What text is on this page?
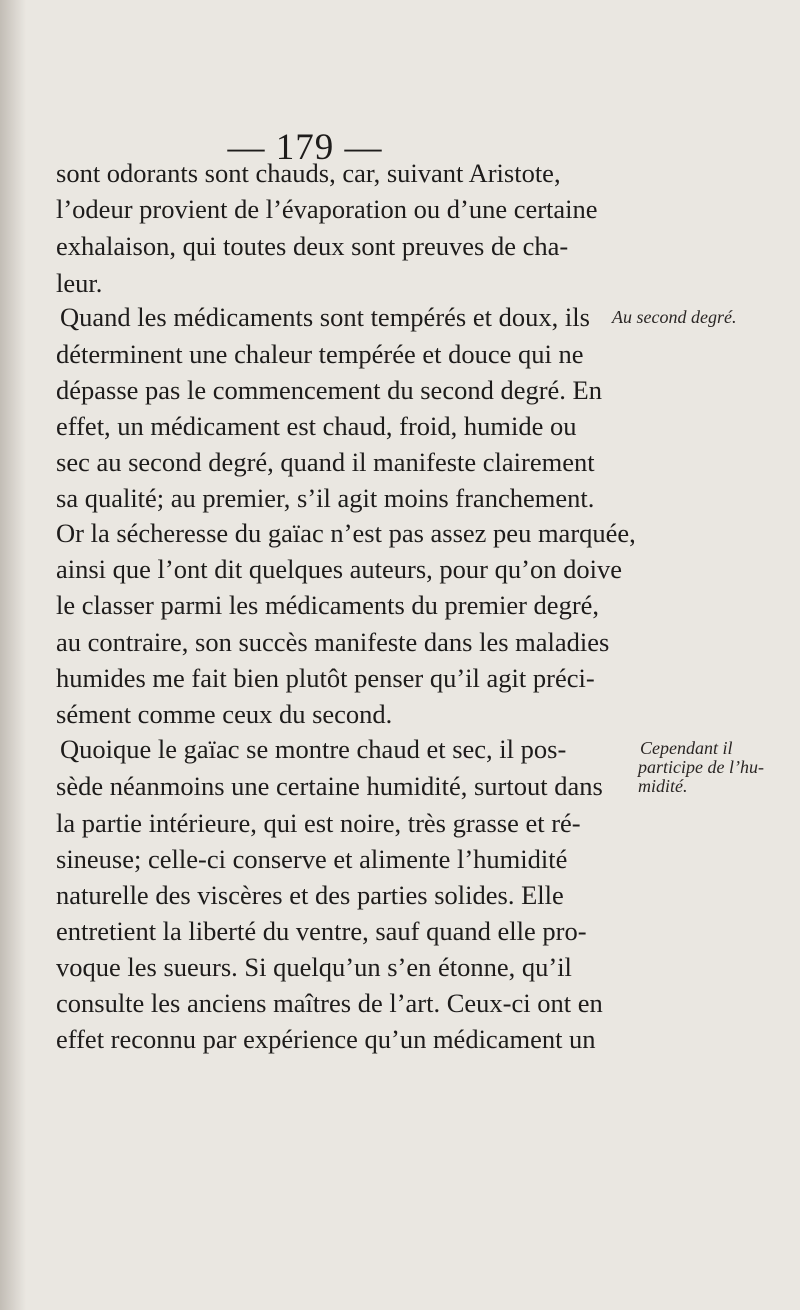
— 179 —
sont odorants sont chauds, car, suivant Aristote,
l’odeur provient de l’évaporation ou d’une certaine
exhalaison, qui toutes deux sont preuves de cha-
leur.
Quand les médicaments sont tempérés et doux, ils
déterminent une chaleur tempérée et douce qui ne
dépasse pas le commencement du second degré. En
effet, un médicament est chaud, froid, humide ou
sec au second degré, quand il manifeste clairement
sa qualité; au premier, s’il agit moins franchement.
Or la sécheresse du gaïac n’est pas assez peu marquée,
ainsi que l’ont dit quelques auteurs, pour qu’on doive
le classer parmi les médicaments du premier degré,
au contraire, son succès manifeste dans les maladies
humides me fait bien plutôt penser qu’il agit préci-
sément comme ceux du second.
Quoique le gaïac se montre chaud et sec, il pos-
sède néanmoins une certaine humidité, surtout dans
la partie intérieure, qui est noire, très grasse et ré-
sineuse; celle-ci conserve et alimente l’humidité
naturelle des viscères et des parties solides. Elle
entretient la liberté du ventre, sauf quand elle pro-
voque les sueurs. Si quelqu’un s’en étonne, qu’il
consulte les anciens maîtres de l’art. Ceux-ci ont en
effet reconnu par expérience qu’un médicament un
Au second degré.
Cependant il
participe de l’hu-
midité.
